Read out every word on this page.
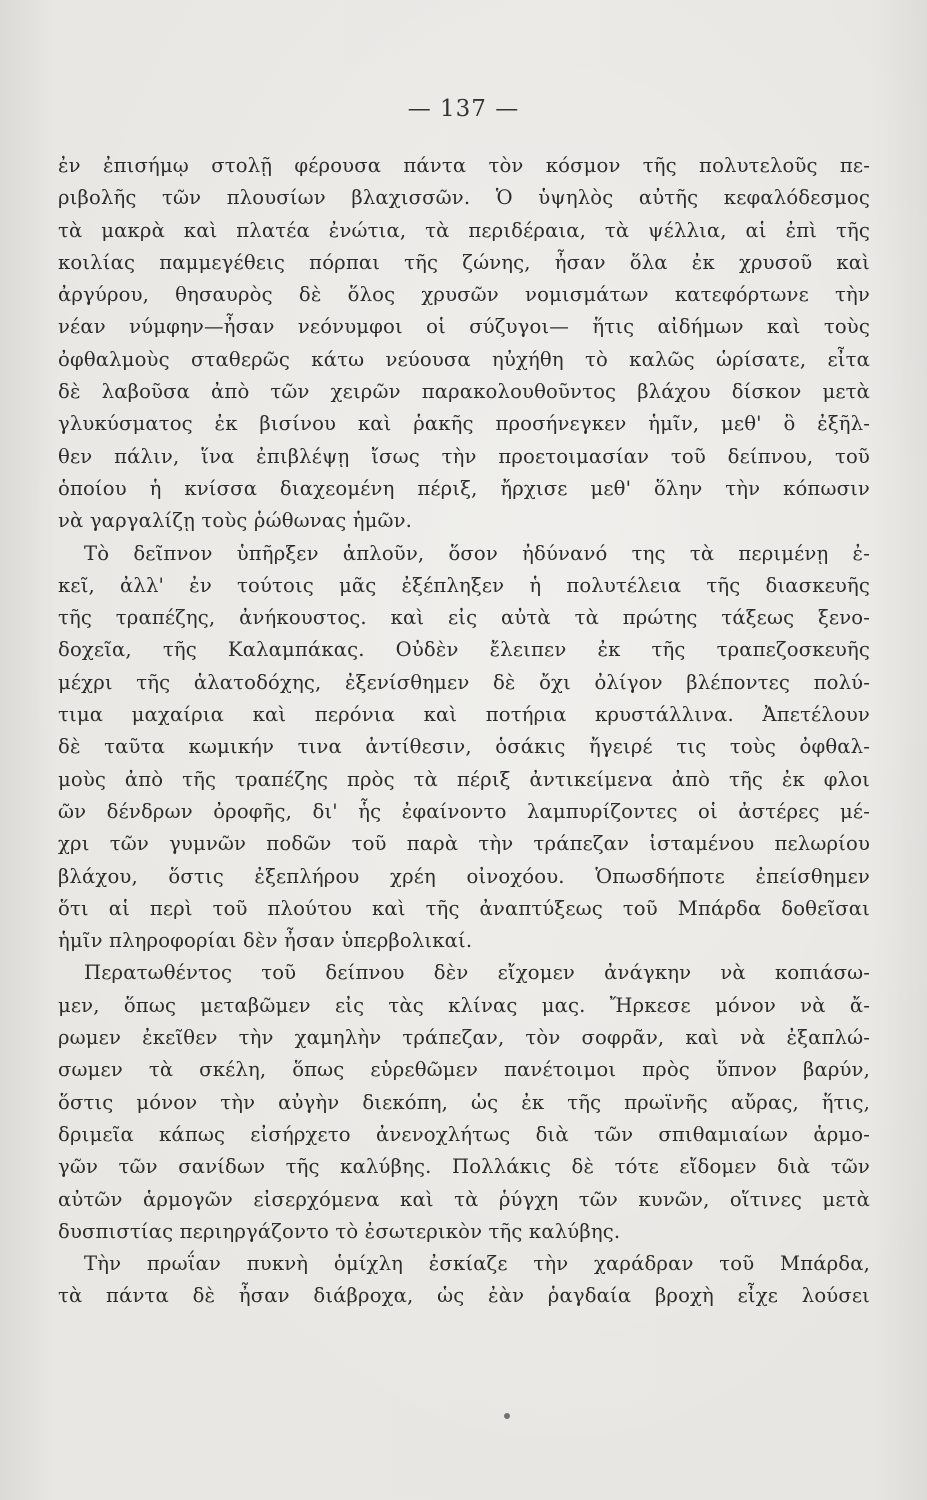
— 137 —
ἐν ἐπισήμῳ στολῇ φέρουσα πάντα τὸν κόσμον τῆς πολυτελοῦς πε-
ριβολῆς τῶν πλουσίων βλαχισσῶν. Ὁ ὑψηλὸς αὐτῆς κεφαλόδεσμος
τὰ μακρὰ καὶ πλατέα ἐνώτια, τὰ περιδέραια, τὰ ψέλλια, αἱ ἐπὶ τῆς
κοιλίας παμμεγέθεις πόρπαι τῆς ζώνης, ἦσαν ὅλα ἐκ χρυσοῦ καὶ
ἀργύρου, θησαυρὸς δὲ ὅλος χρυσῶν νομισμάτων κατεφόρτωνε τὴν
νέαν νύμφην—ἦσαν νεόνυμφοι οἱ σύζυγοι— ἥτις αἰδήμων καὶ τοὺς
ὀφθαλμοὺς σταθερῶς κάτω νεύουσα ηὐχήθη τὸ καλῶς ὡρίσατε, εἶτα
δὲ λαβοῦσα ἀπὸ τῶν χειρῶν παρακολουθοῦντος βλάχου δίσκον μετὰ
γλυκύσματος ἐκ βισίνου καὶ ῥακῆς προσήνεγκεν ἡμῖν, μεθ' ὃ ἐξῆλ-
θεν πάλιν, ἵνα ἐπιβλέψῃ ἴσως τὴν προετοιμασίαν τοῦ δείπνου, τοῦ
ὁποίου ἡ κνίσσα διαχεομένη πέριξ, ἤρχισε μεθ' ὅλην τὴν κόπωσιν
νὰ γαργαλίζῃ τοὺς ῥώθωνας ἡμῶν.
Τὸ δεῖπνον ὑπῆρξεν ἁπλοῦν, ὅσον ἠδύνανό της τὰ περιμένῃ ἐ-
κεῖ, ἀλλ' ἐν τούτοις μᾶς ἐξέπληξεν ἡ πολυτέλεια τῆς διασκευῆς
τῆς τραπέζης, ἀνήκουστος. καὶ εἰς αὐτὰ τὰ πρώτης τάξεως ξενο-
δοχεῖα, τῆς Καλαμπάκας. Οὐδὲν ἔλειπεν ἐκ τῆς τραπεζοσκευῆς
μέχρι τῆς ἁλατοδόχης, ἐξενίσθημεν δὲ ὄχι ὀλίγον βλέποντες πολύ-
τιμα μαχαίρια καὶ περόνια καὶ ποτήρια κρυστάλλινα. Ἀπετέλουν
δὲ ταῦτα κωμικήν τινα ἀντίθεσιν, ὁσάκις ἤγειρέ τις τοὺς ὀφθαλ-
μοὺς ἀπὸ τῆς τραπέζης πρὸς τὰ πέριξ ἀντικείμενα ἀπὸ τῆς ἐκ φλοι
ῶν δένδρων ὀροφῆς, δι' ἧς ἐφαίνοντο λαμπυρίζοντες οἱ ἀστέρες μέ-
χρι τῶν γυμνῶν ποδῶν τοῦ παρὰ τὴν τράπεζαν ἱσταμένου πελωρίου
βλάχου, ὅστις ἐξεπλήρου χρέη οἰνοχόου. Ὁπωσδήποτε ἐπείσθημεν
ὅτι αἱ περὶ τοῦ πλούτου καὶ τῆς ἀναπτύξεως τοῦ Μπάρδα δοθεῖσαι
ἡμῖν πληροφορίαι δὲν ἦσαν ὑπερβολικαί.
Περατωθέντος τοῦ δείπνου δὲν εἴχομεν ἀνάγκην νὰ κοπιάσω-
μεν, ὅπως μεταβῶμεν εἰς τὰς κλίνας μας. Ἤρκεσε μόνον νὰ ἄ-
ρωμεν ἐκεῖθεν τὴν χαμηλὴν τράπεζαν, τὸν σοφρᾶν, καὶ νὰ ἐξαπλώ-
σωμεν τὰ σκέλη, ὅπως εὑρεθῶμεν πανέτοιμοι πρὸς ὕπνον βαρύν,
ὅστις μόνον τὴν αὐγὴν διεκόπη, ὡς ἐκ τῆς πρωϊνῆς αὔρας, ἥτις,
δριμεῖα κάπως εἰσήρχετο ἀνενοχλήτως διὰ τῶν σπιθαμιαίων ἁρμο-
γῶν τῶν σανίδων τῆς καλύβης. Πολλάκις δὲ τότε εἴδομεν διὰ τῶν
αὐτῶν ἁρμογῶν εἰσερχόμενα καὶ τὰ ῥύγχη τῶν κυνῶν, οἵτινες μετὰ
δυσπιστίας περιηργάζοντο τὸ ἐσωτερικὸν τῆς καλύβης.
Τὴν πρωΐαν πυκνὴ ὁμίχλη ἐσκίαζε τὴν χαράδραν τοῦ Μπάρδα,
τὰ πάντα δὲ ἦσαν διάβροχα, ὡς ἐὰν ῥαγδαία βροχὴ εἶχε λούσει
